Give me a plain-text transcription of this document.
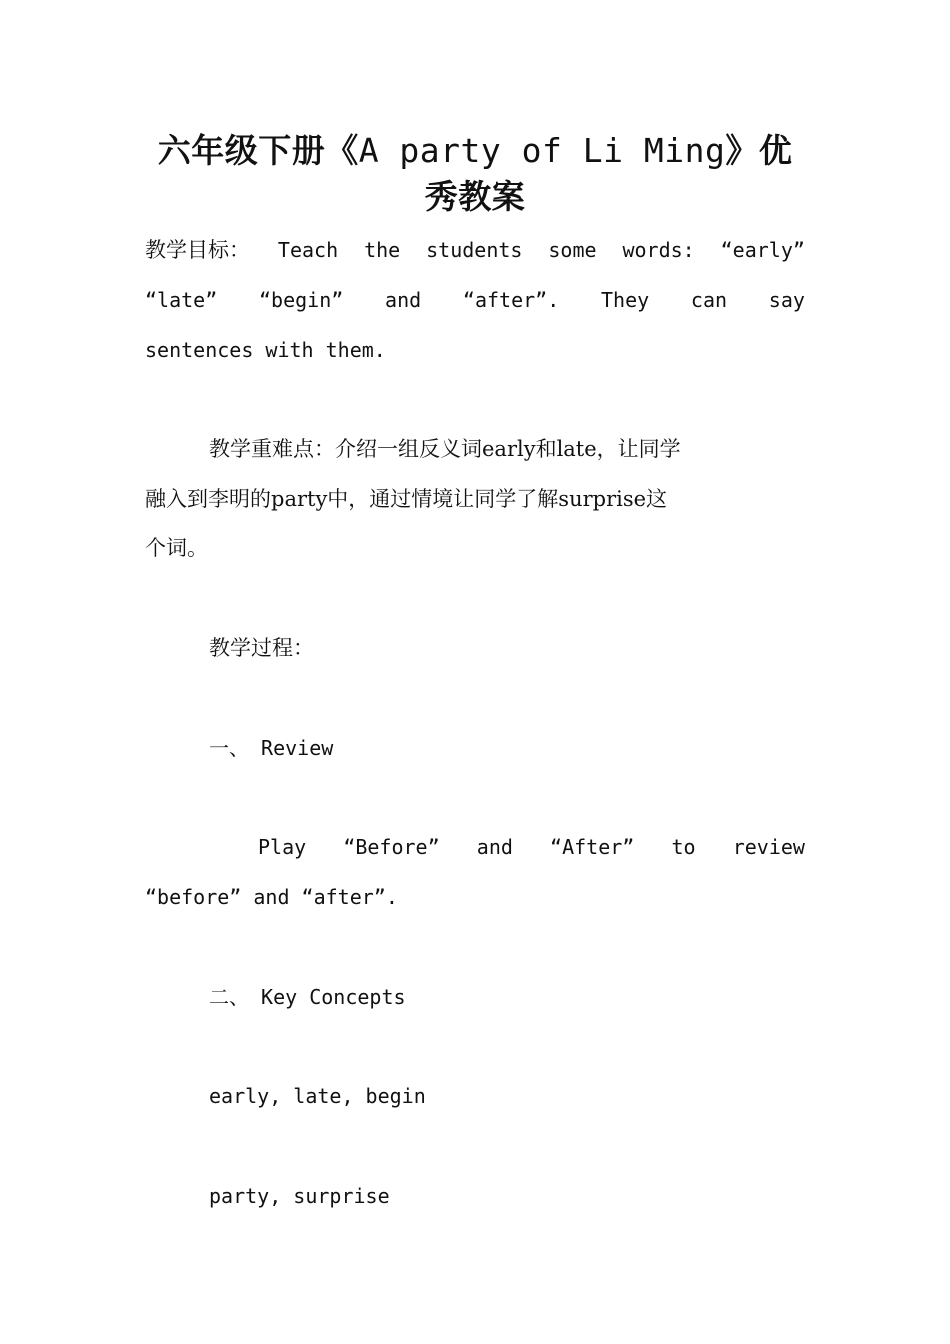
六年级下册《A party of Li Ming》优
秀教案
教学目标： Teach the students some words: “early”
“late” “begin” and “after”. They can say
sentences with them.
教学重难点：介绍一组反义词early和late，让同学
融入到李明的party中，通过情境让同学了解surprise这
个词。
教学过程：
一、 Review
Play “Before” and “After” to review
“before” and “after”.
二、 Key Concepts
early, late, begin
party, surprise
